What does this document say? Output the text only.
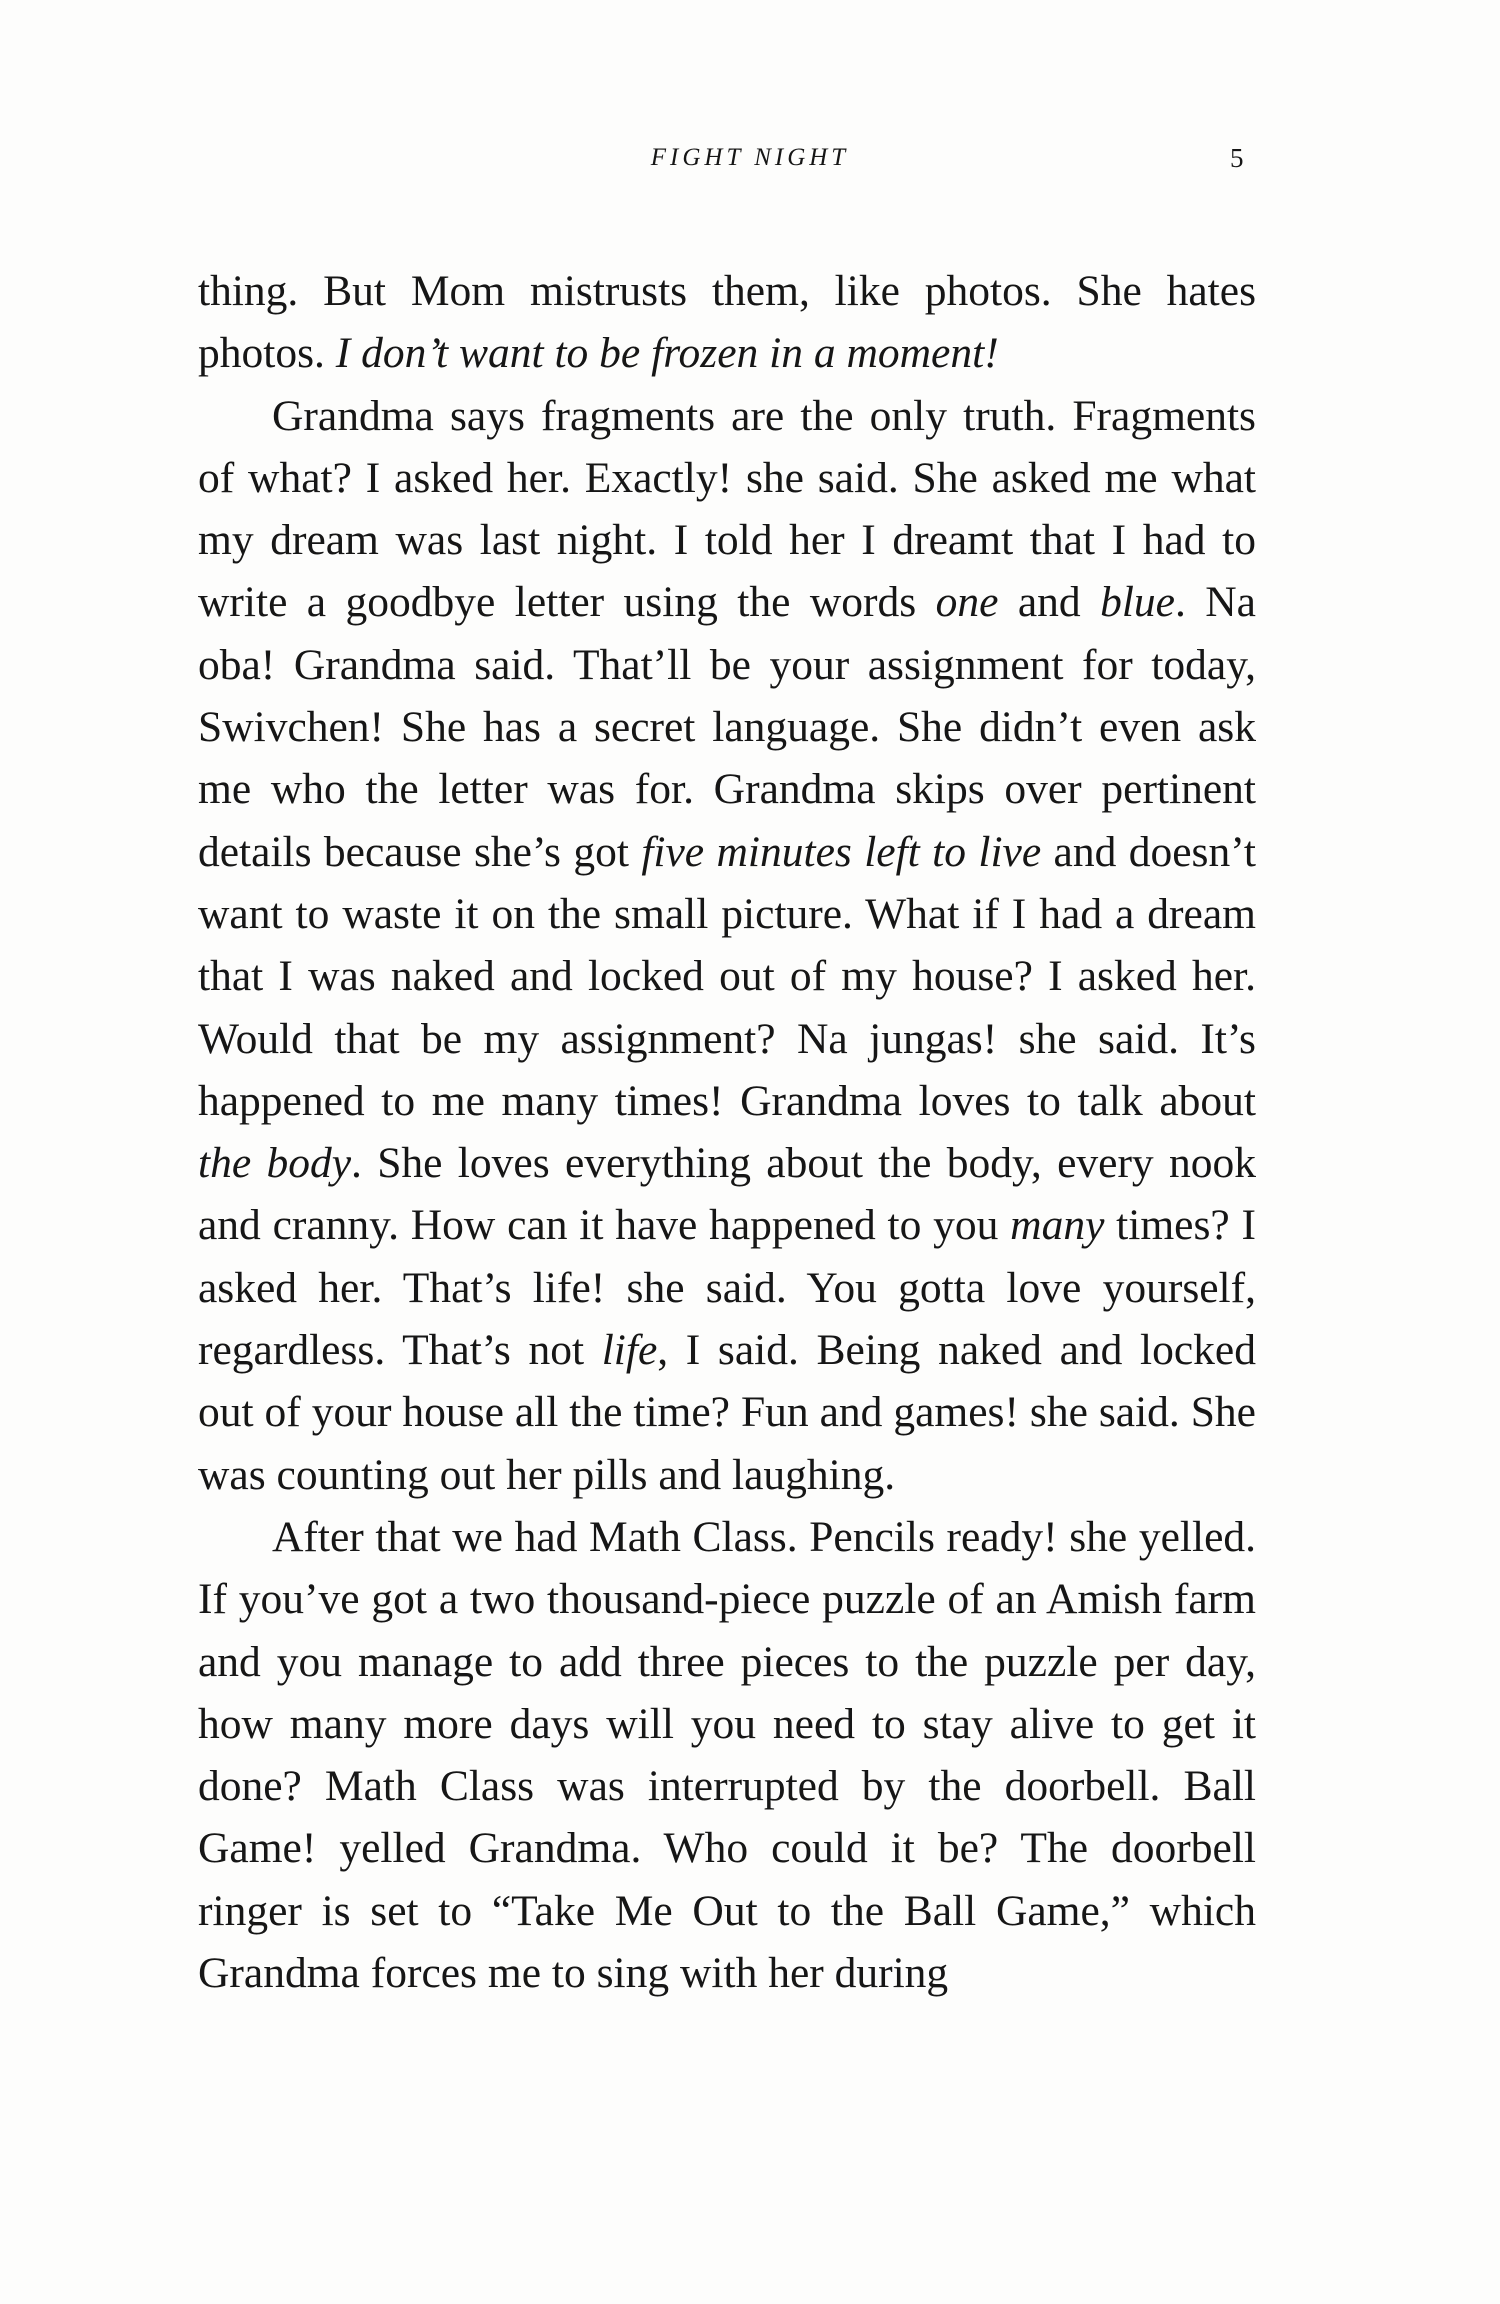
FIGHT NIGHT	5

thing. But Mom mistrusts them, like photos. She hates photos. I don’t want to be frozen in a moment!

Grandma says fragments are the only truth. Fragments of what? I asked her. Exactly! she said. She asked me what my dream was last night. I told her I dreamt that I had to write a goodbye letter using the words one and blue. Na oba! Grandma said. That’ll be your assignment for today, Swivchen! She has a secret language. She didn’t even ask me who the letter was for. Grandma skips over pertinent details because she’s got five minutes left to live and doesn’t want to waste it on the small picture. What if I had a dream that I was naked and locked out of my house? I asked her. Would that be my assignment? Na jungas! she said. It’s happened to me many times! Grandma loves to talk about the body. She loves everything about the body, every nook and cranny. How can it have happened to you many times? I asked her. That’s life! she said. You gotta love yourself, regardless. That’s not life, I said. Being naked and locked out of your house all the time? Fun and games! she said. She was counting out her pills and laughing.

After that we had Math Class. Pencils ready! she yelled. If you’ve got a two thousand-piece puzzle of an Amish farm and you manage to add three pieces to the puzzle per day, how many more days will you need to stay alive to get it done? Math Class was interrupted by the doorbell. Ball Game! yelled Grandma. Who could it be? The doorbell ringer is set to “Take Me Out to the Ball Game,” which Grandma forces me to sing with her during
